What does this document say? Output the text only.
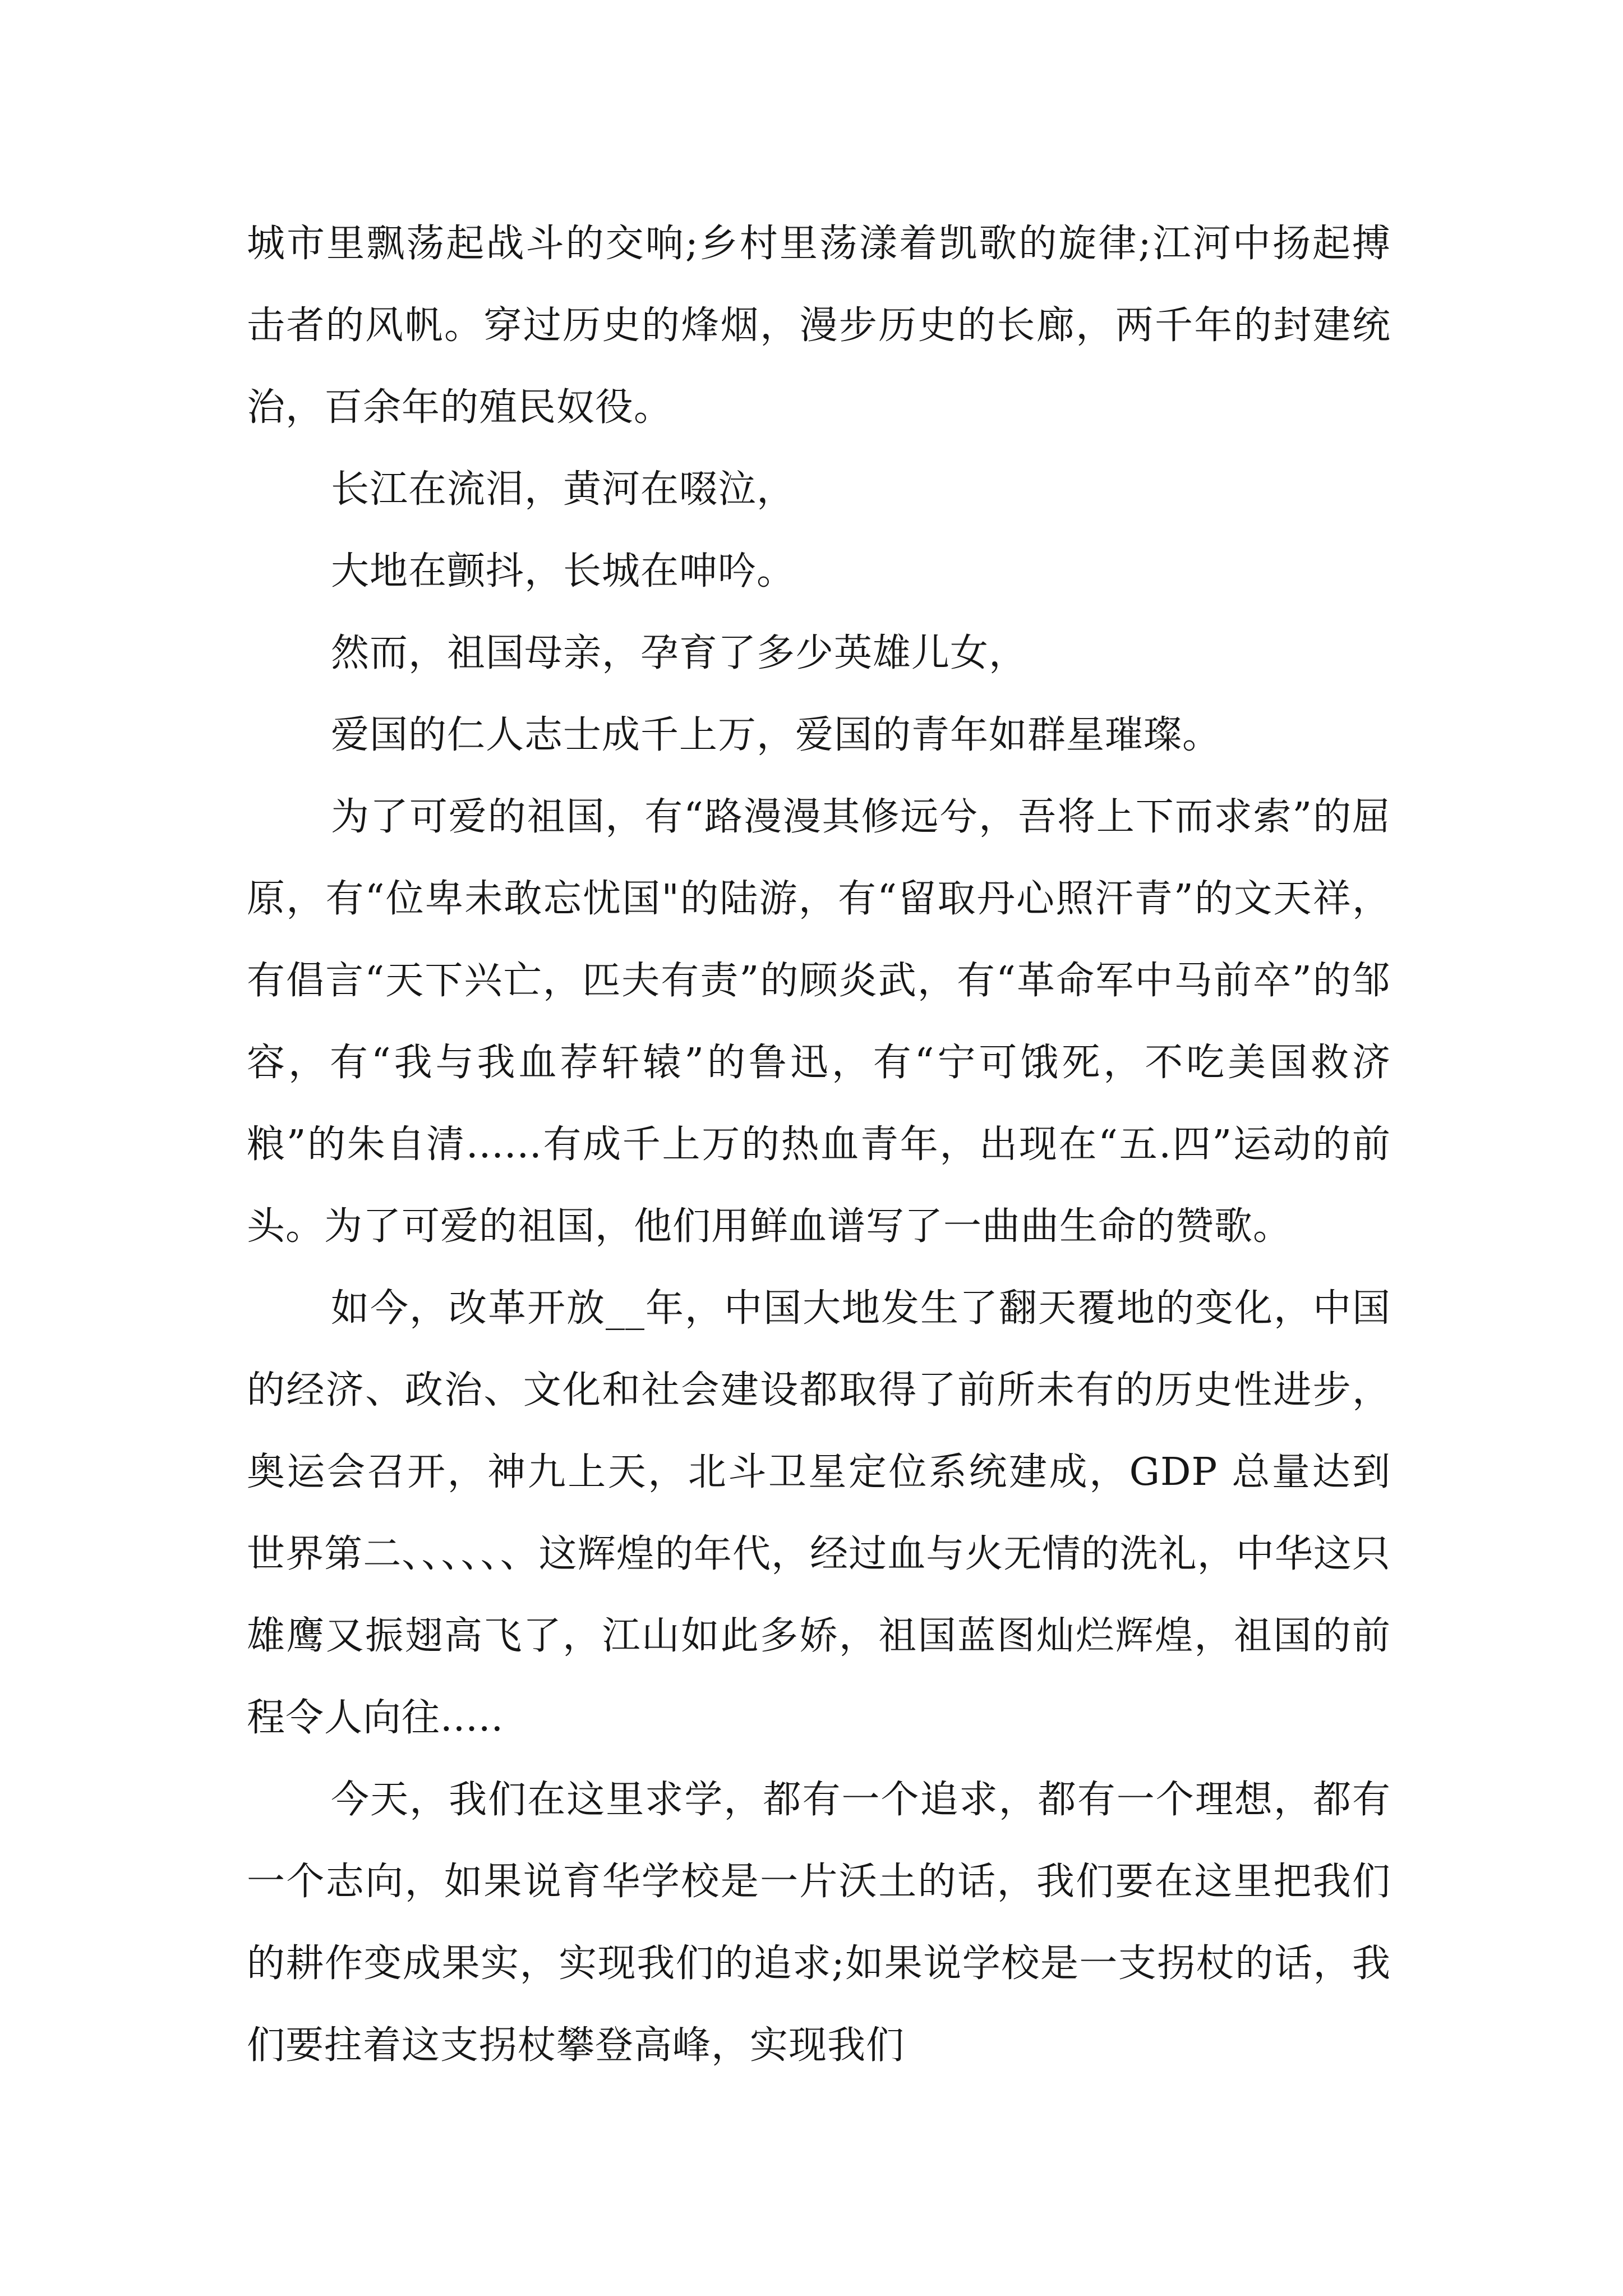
城市里飘荡起战斗的交响;乡村里荡漾着凯歌的旋律;江河中扬起搏击者的风帆。穿过历史的烽烟，漫步历史的长廊，两千年的封建统治，百余年的殖民奴役。

长江在流泪，黄河在啜泣，

大地在颤抖，长城在呻吟。

然而，祖国母亲，孕育了多少英雄儿女，

爱国的仁人志士成千上万，爱国的青年如群星璀璨。

为了可爱的祖国，有“路漫漫其修远兮，吾将上下而求索”的屈原，有“位卑未敢忘忧国"的陆游，有“留取丹心照汗青”的文天祥，有倡言“天下兴亡，匹夫有责”的顾炎武，有“革命军中马前卒”的邹容，有“我与我血荐轩辕”的鲁迅，有“宁可饿死，不吃美国救济粮”的朱自清......有成千上万的热血青年，出现在“五.四”运动的前头。为了可爱的祖国，他们用鲜血谱写了一曲曲生命的赞歌。

如今，改革开放__年，中国大地发生了翻天覆地的变化，中国的经济、政治、文化和社会建设都取得了前所未有的历史性进步，奥运会召开，神九上天，北斗卫星定位系统建成，GDP 总量达到世界第二、、、、、、这辉煌的年代，经过血与火无情的洗礼，中华这只雄鹰又振翅高飞了，江山如此多娇，祖国蓝图灿烂辉煌，祖国的前程令人向往.....

今天，我们在这里求学，都有一个追求，都有一个理想，都有一个志向，如果说育华学校是一片沃土的话，我们要在这里把我们的耕作变成果实，实现我们的追求;如果说学校是一支拐杖的话，我们要拄着这支拐杖攀登高峰，实现我们
